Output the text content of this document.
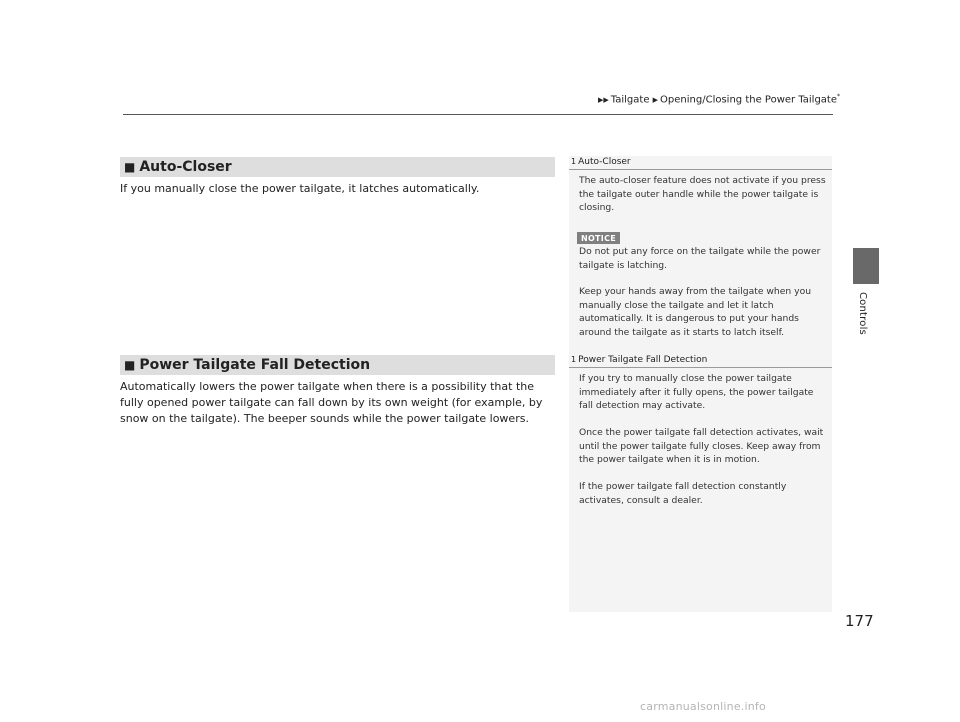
▶▶ Tailgate ▶ Opening/Closing the Power Tailgate*
Controls
■ Auto-Closer
If you manually close the power tailgate, it latches automatically.
■ Power Tailgate Fall Detection
Automatically lowers the power tailgate when there is a possibility that the fully opened power tailgate can fall down by its own weight (for example, by snow on the tailgate). The beeper sounds while the power tailgate lowers.
1 Auto-Closer
The auto-closer feature does not activate if you press the tailgate outer handle while the power tailgate is closing.
NOTICE
Do not put any force on the tailgate while the power tailgate is latching.
Keep your hands away from the tailgate when you manually close the tailgate and let it latch automatically. It is dangerous to put your hands around the tailgate as it starts to latch itself.
1 Power Tailgate Fall Detection
If you try to manually close the power tailgate immediately after it fully opens, the power tailgate fall detection may activate.
Once the power tailgate fall detection activates, wait until the power tailgate fully closes. Keep away from the power tailgate when it is in motion.
If the power tailgate fall detection constantly activates, consult a dealer.
177
carmanualsonline.info
